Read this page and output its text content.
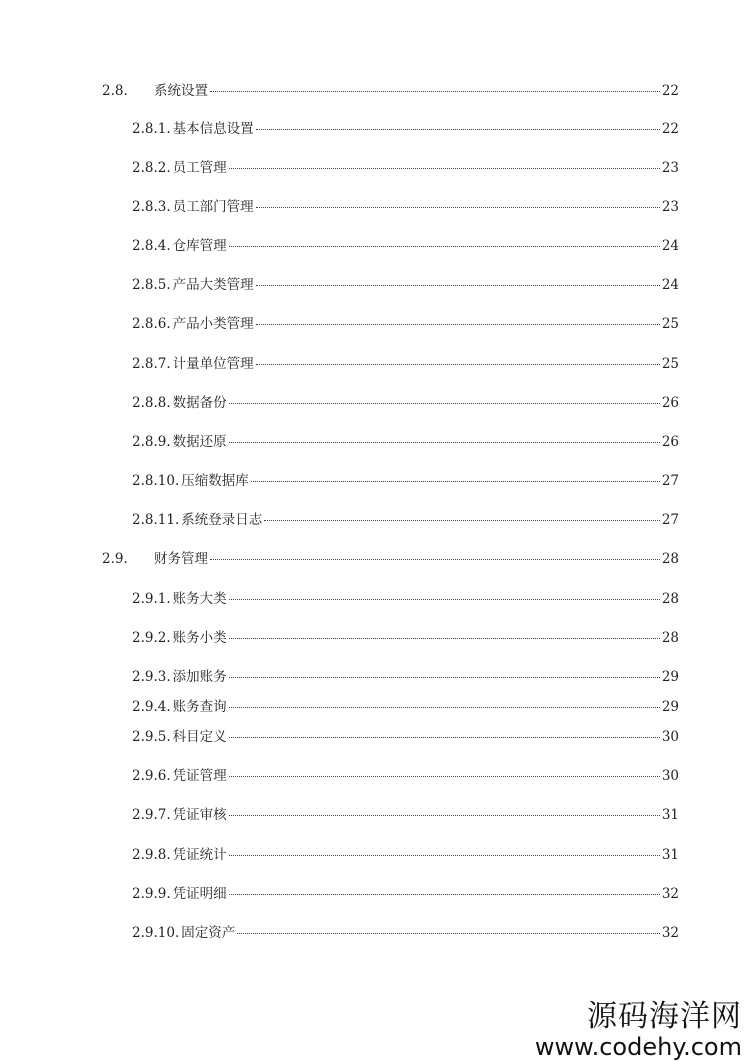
2.8.	系统设置	22
2.8.1. 基本信息设置	22
2.8.2. 员工管理	23
2.8.3. 员工部门管理	23
2.8.4. 仓库管理	24
2.8.5. 产品大类管理	24
2.8.6. 产品小类管理	25
2.8.7. 计量单位管理	25
2.8.8. 数据备份	26
2.8.9. 数据还原	26
2.8.10. 压缩数据库	27
2.8.11. 系统登录日志	27
2.9.	财务管理	28
2.9.1. 账务大类	28
2.9.2. 账务小类	28
2.9.3. 添加账务	29
2.9.4. 账务查询	29
2.9.5. 科目定义	30
2.9.6. 凭证管理	30
2.9.7. 凭证审核	31
2.9.8. 凭证统计	31
2.9.9. 凭证明细	32
2.9.10. 固定资产	32
源码海洋网
www.codehy.com
